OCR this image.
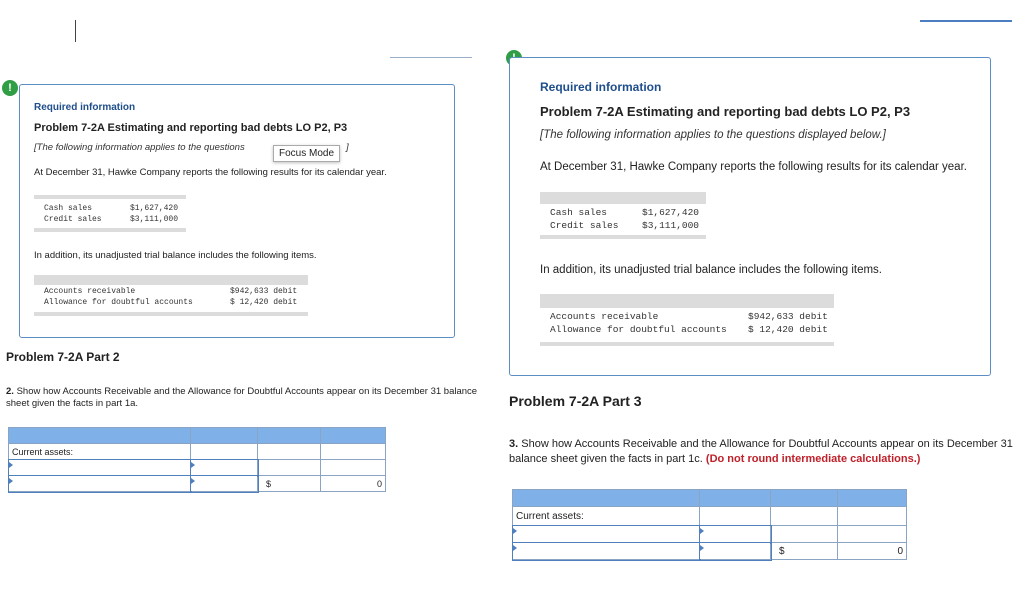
!
Required information
Problem 7-2A Estimating and reporting bad debts LO P2, P3
[The following information applies to the questions	]
Focus Mode
At December 31, Hawke Company reports the following results for its calendar year.
Cash sales	$1,627,420
Credit sales	$3,111,000
In addition, its unadjusted trial balance includes the following items.
Accounts receivable	$942,633 debit
Allowance for doubtful accounts	$ 12,420 debit
Problem 7-2A Part 2
2. Show how Accounts Receivable and the Allowance for Doubtful Accounts appear on its December 31 balance sheet given the facts in part 1a.

Current assets:			

		$	0
Required information
Problem 7-2A Estimating and reporting bad debts LO P2, P3
[The following information applies to the questions displayed below.]
At December 31, Hawke Company reports the following results for its calendar year.
Cash sales	$1,627,420
Credit sales $3,111,000
In addition, its unadjusted trial balance includes the following items.
Accounts receivable	$942,633 debit
Allowance for doubtful accounts $ 12,420 debit
Problem 7-2A Part 3
3. Show how Accounts Receivable and the Allowance for Doubtful Accounts appear on its December 31 balance sheet given the facts in part 1c. (Do not round intermediate calculations.)

Current assets:			

		$	0
